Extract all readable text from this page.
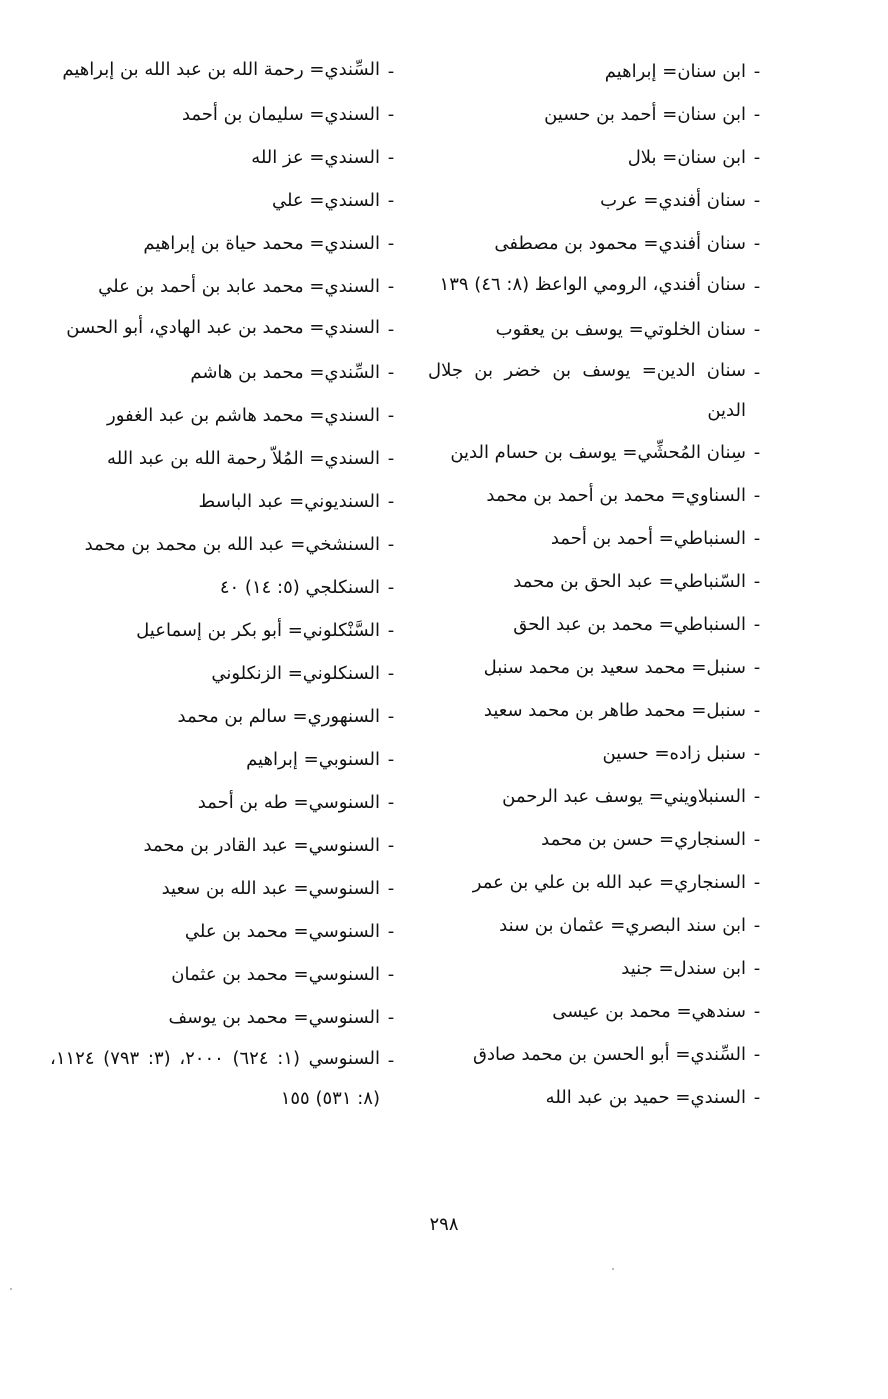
-
ابن سنان= إبراهيم
-
ابن سنان= أحمد بن حسين
-
ابن سنان= بلال
-
سنان أفندي= عرب
-
سنان أفندي= محمود بن مصطفى
-
سنان أفندي، الرومي الواعظ (٨: ٤٦) ١٣٩
-
سنان الخلوتي= يوسف بن يعقوب
-
سنان الدين= يوسف بن خضر بن جلال الدين
-
سِنان المُحشِّي= يوسف بن حسام الدين
-
السناوي= محمد بن أحمد بن محمد
-
السنباطي= أحمد بن أحمد
-
السّنباطي= عبد الحق بن محمد
-
السنباطي= محمد بن عبد الحق
-
سنبل= محمد سعيد بن محمد سنبل
-
سنبل= محمد طاهر بن محمد سعيد
-
سنبل زاده= حسين
-
السنبلاويني= يوسف عبد الرحمن
-
السنجاري= حسن بن محمد
-
السنجاري= عبد الله بن علي بن عمر
-
ابن سند البصري= عثمان بن سند
-
ابن سندل= جنيد
-
سندهي= محمد بن عيسى
-
السِّندي= أبو الحسن بن محمد صادق
-
السندي= حميد بن عبد الله
-
السِّندي= رحمة الله بن عبد الله بن إبراهيم
-
السندي= سليمان بن أحمد
-
السندي= عز الله
-
السندي= علي
-
السندي= محمد حياة بن إبراهيم
-
السندي= محمد عابد بن أحمد بن علي
-
السندي= محمد بن عبد الهادي، أبو الحسن
-
السِّندي= محمد بن هاشم
-
السندي= محمد هاشم بن عبد الغفور
-
السندي= المُلاّ رحمة الله بن عبد الله
-
السنديوني= عبد الباسط
-
السنشخي= عبد الله بن محمد بن محمد
-
السنكلجي (٥: ١٤) ٤٠
-
السَّنْكلوني= أبو بكر بن إسماعيل
-
السنكلوني= الزنكلوني
-
السنهوري= سالم بن محمد
-
السنوبي= إبراهيم
-
السنوسي= طه بن أحمد
-
السنوسي= عبد القادر بن محمد
-
السنوسي= عبد الله بن سعيد
-
السنوسي= محمد بن علي
-
السنوسي= محمد بن عثمان
-
السنوسي= محمد بن يوسف
-
السنوسي (١: ٦٢٤) ٢٠٠٠، (٣: ٧٩٣) ١١٢٤، (٨: ٥٣١) ١٥٥
٢٩٨
